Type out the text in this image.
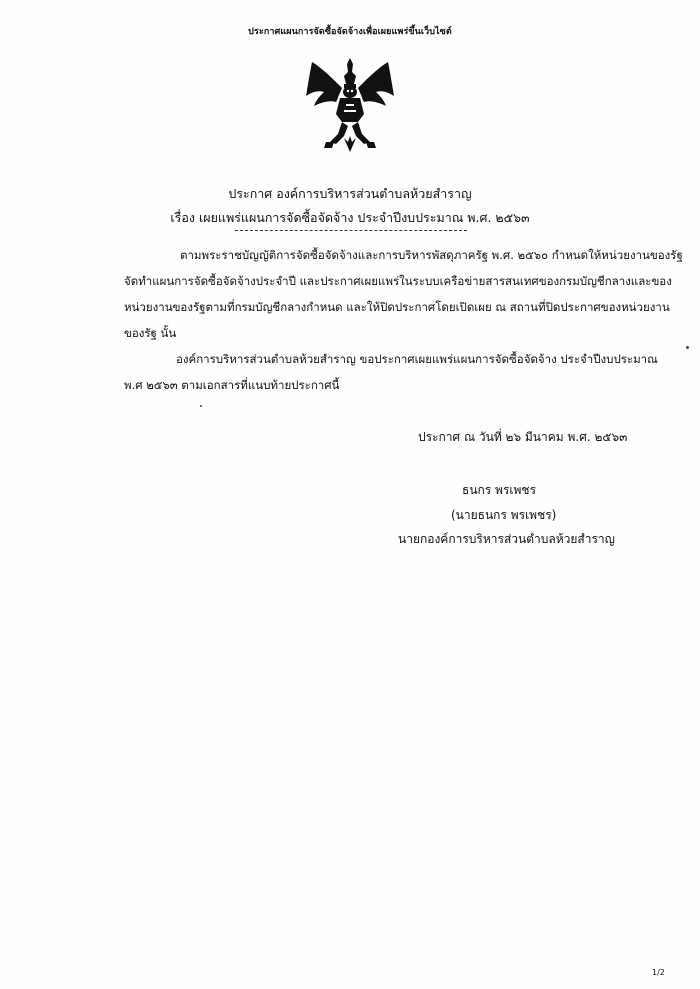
ประกาศแผนการจัดซื้อจัดจ้างเพื่อเผยแพร่ขึ้นเว็บไซต์
ประกาศ องค์การบริหารส่วนตำบลห้วยสำราญ
เรื่อง เผยแพร่แผนการจัดซื้อจัดจ้าง ประจำปีงบประมาณ พ.ศ. ๒๕๖๓
ตามพระราชบัญญัติการจัดซื้อจัดจ้างและการบริหารพัสดุภาครัฐ พ.ศ. ๒๕๖๐ กำหนดให้หน่วยงานของรัฐ
จัดทำแผนการจัดซื้อจัดจ้างประจำปี และประกาศเผยแพร่ในระบบเครือข่ายสารสนเทศของกรมบัญชีกลางและของ
หน่วยงานของรัฐตามที่กรมบัญชีกลางกำหนด และให้ปิดประกาศโดยเปิดเผย ณ สถานที่ปิดประกาศของหน่วยงาน
ของรัฐ นั้น
องค์การบริหารส่วนตำบลห้วยสำราญ ขอประกาศเผยแพร่แผนการจัดซื้อจัดจ้าง ประจำปีงบประมาณ
พ.ศ ๒๕๖๓ ตามเอกสารที่แนบท้ายประกาศนี้
ประกาศ ณ วันที่ ๒๖ มีนาคม พ.ศ. ๒๕๖๓
ธนกร พรเพชร
(นายธนกร พรเพชร)
นายกองค์การบริหารส่วนตำบลห้วยสำราญ
1/2
